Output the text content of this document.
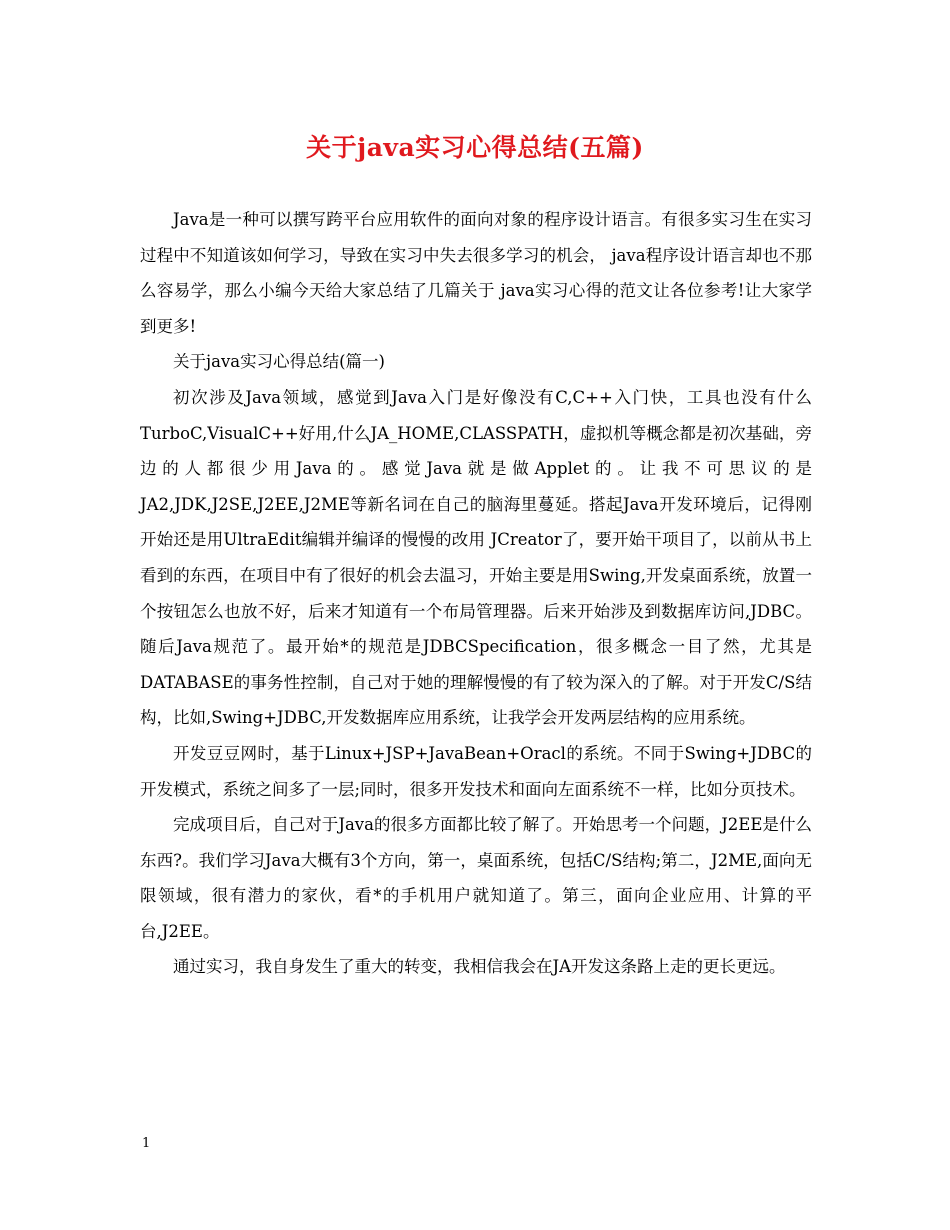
关于java实习心得总结(五篇)

Java是一种可以撰写跨平台应用软件的面向对象的程序设计语言。有很多实习生在实习过程中不知道该如何学习，导致在实习中失去很多学习的机会， java程序设计语言却也不那么容易学，那么小编今天给大家总结了几篇关于 java实习心得的范文让各位参考!让大家学到更多!

关于java实习心得总结(篇一)

初次涉及Java领域，感觉到Java入门是好像没有C,C++入门快，工具也没有什么TurboC,VisualC++好用,什么JA_HOME,CLASSPATH，虚拟机等概念都是初次基础，旁边的人都很少用Java的。感觉Java就是做Applet的。让我不可思议的是JA2,JDK,J2SE,J2EE,J2ME等新名词在自己的脑海里蔓延。搭起Java开发环境后，记得刚开始还是用UltraEdit编辑并编译的慢慢的改用 JCreator了，要开始干项目了，以前从书上看到的东西，在项目中有了很好的机会去温习，开始主要是用Swing,开发桌面系统，放置一个按钮怎么也放不好，后来才知道有一个布局管理器。后来开始涉及到数据库访问,JDBC。随后Java规范了。最开始*的规范是JDBCSpecification，很多概念一目了然，尤其是DATABASE的事务性控制，自己对于她的理解慢慢的有了较为深入的了解。对于开发C/S结构，比如,Swing+JDBC,开发数据库应用系统，让我学会开发两层结构的应用系统。

开发豆豆网时，基于Linux+JSP+JavaBean+Oracl的系统。不同于Swing+JDBC的开发模式，系统之间多了一层;同时，很多开发技术和面向左面系统不一样，比如分页技术。

完成项目后，自己对于Java的很多方面都比较了解了。开始思考一个问题，J2EE是什么东西?。我们学习Java大概有3个方向，第一，桌面系统，包括C/S结构;第二，J2ME,面向无限领域，很有潜力的家伙，看*的手机用户就知道了。第三，面向企业应用、计算的平台,J2EE。

通过实习，我自身发生了重大的转变，我相信我会在JA开发这条路上走的更长更远。

1
